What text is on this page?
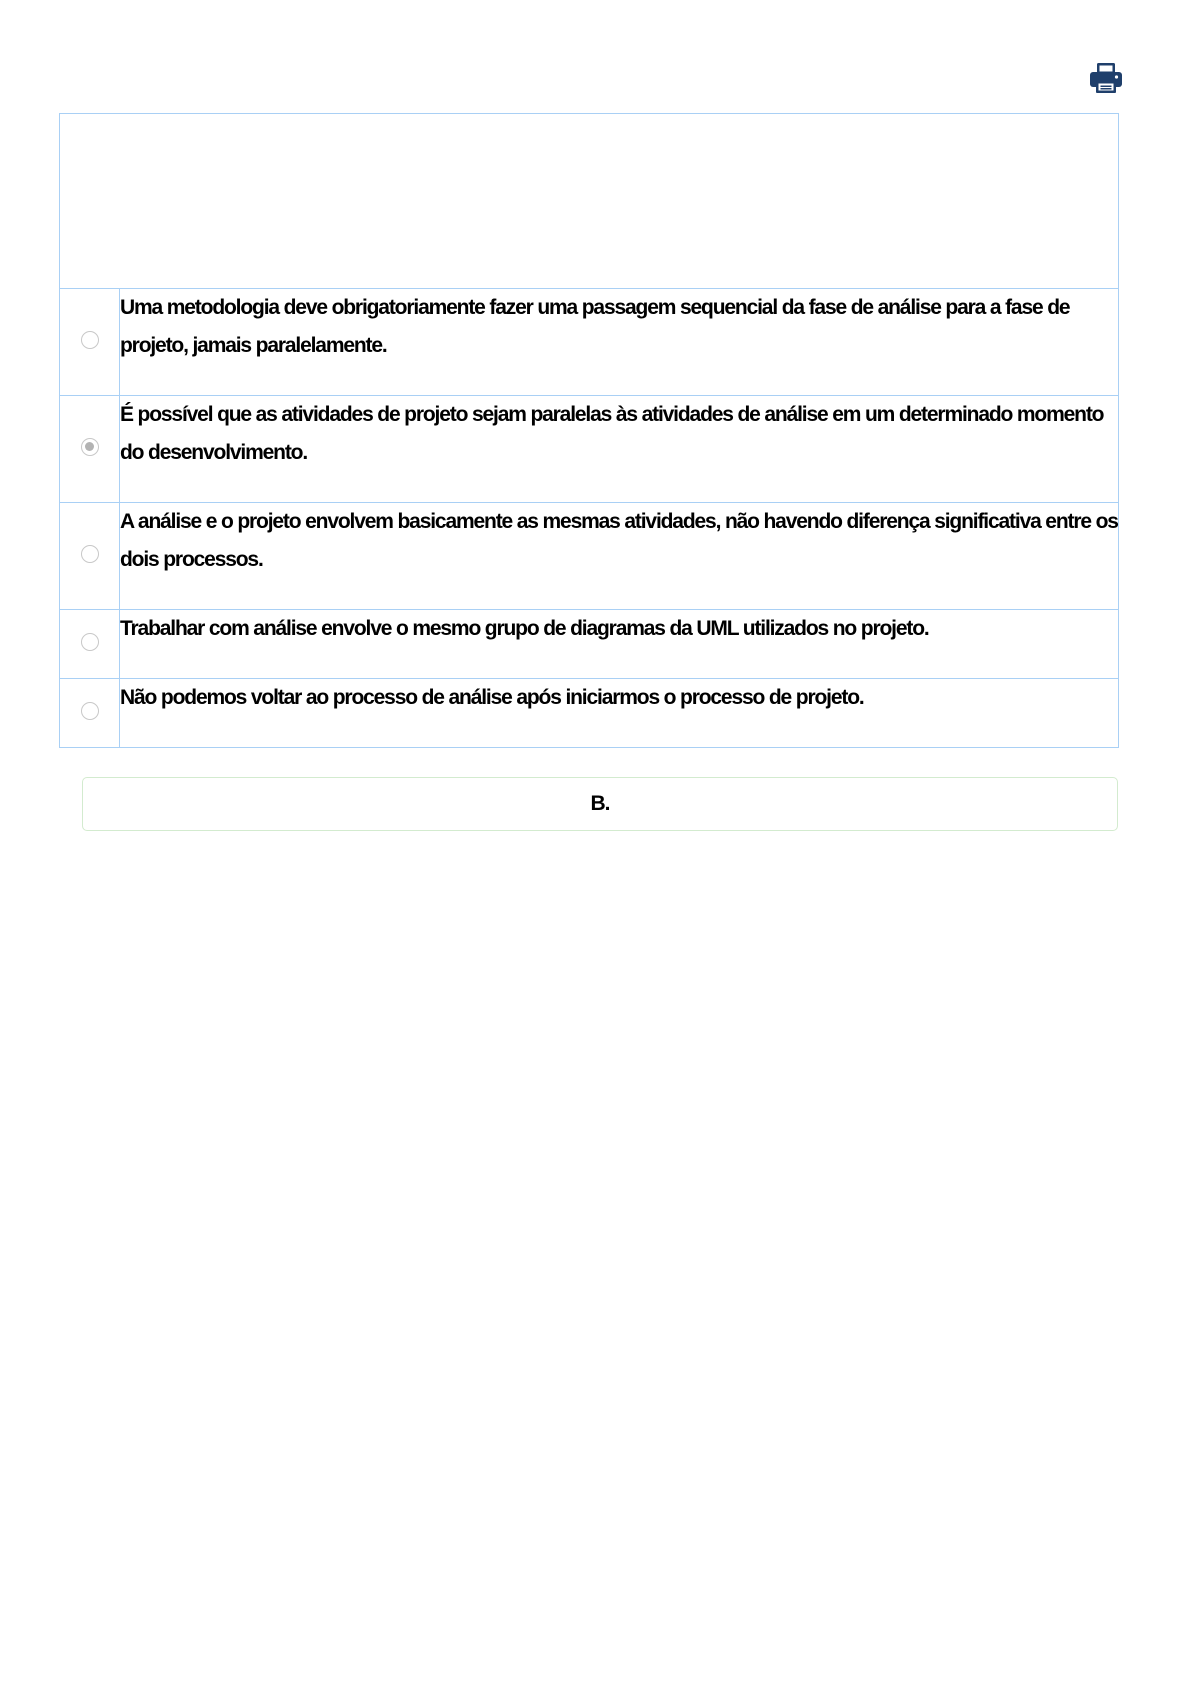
	Uma metodologia deve obrigatoriamente fazer uma passagem sequencial da fase de análise para a fase de projeto, jamais paralelamente.
	É possível que as atividades de projeto sejam paralelas às atividades de análise em um determinado momento do desenvolvimento.
	A análise e o projeto envolvem basicamente as mesmas atividades, não havendo diferença significativa entre os dois processos.
	Trabalhar com análise envolve o mesmo grupo de diagramas da UML utilizados no projeto.
	Não podemos voltar ao processo de análise após iniciarmos o processo de projeto.
B.
